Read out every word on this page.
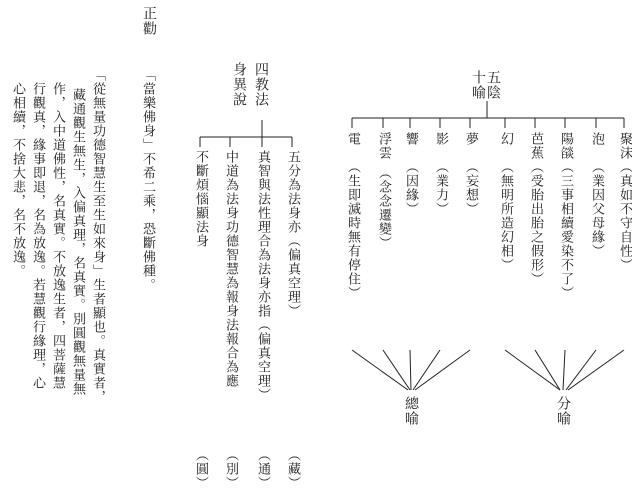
正勸
「當樂佛身」不希二乘，恐斷佛種。
「從無量功德智慧生至生如來身」生者顯也。真實者，
藏通觀生無生，入偏真理，名真實。別圓觀無量無
作，入中道佛性，名真實。不放逸生者，四菩薩慧
行觀真，緣事即退，名為放逸。若慧觀行緣理，心
心相續，不捨大悲，名不放逸。	四教法
身異說
五分為法身亦（偏真空理）
（藏）
真智與法性理合為法身亦指（偏真空理）
（通）
中道為法身功德智慧為報身法報合為應
（別）
不斷煩惱顯法身
（圓）
五陰
十喻
聚沫
（真如不守自性）
泡
（業因父母緣）
陽燄
（三事相續愛染不了）
芭蕉
（受胎出胎之假形）
幻
（無明所造幻相）
夢
（妄想）
影
（業力）
響
（因緣）
浮雲
（念念遷變）
電
（生即滅時無有停住）
分喻
總喻
